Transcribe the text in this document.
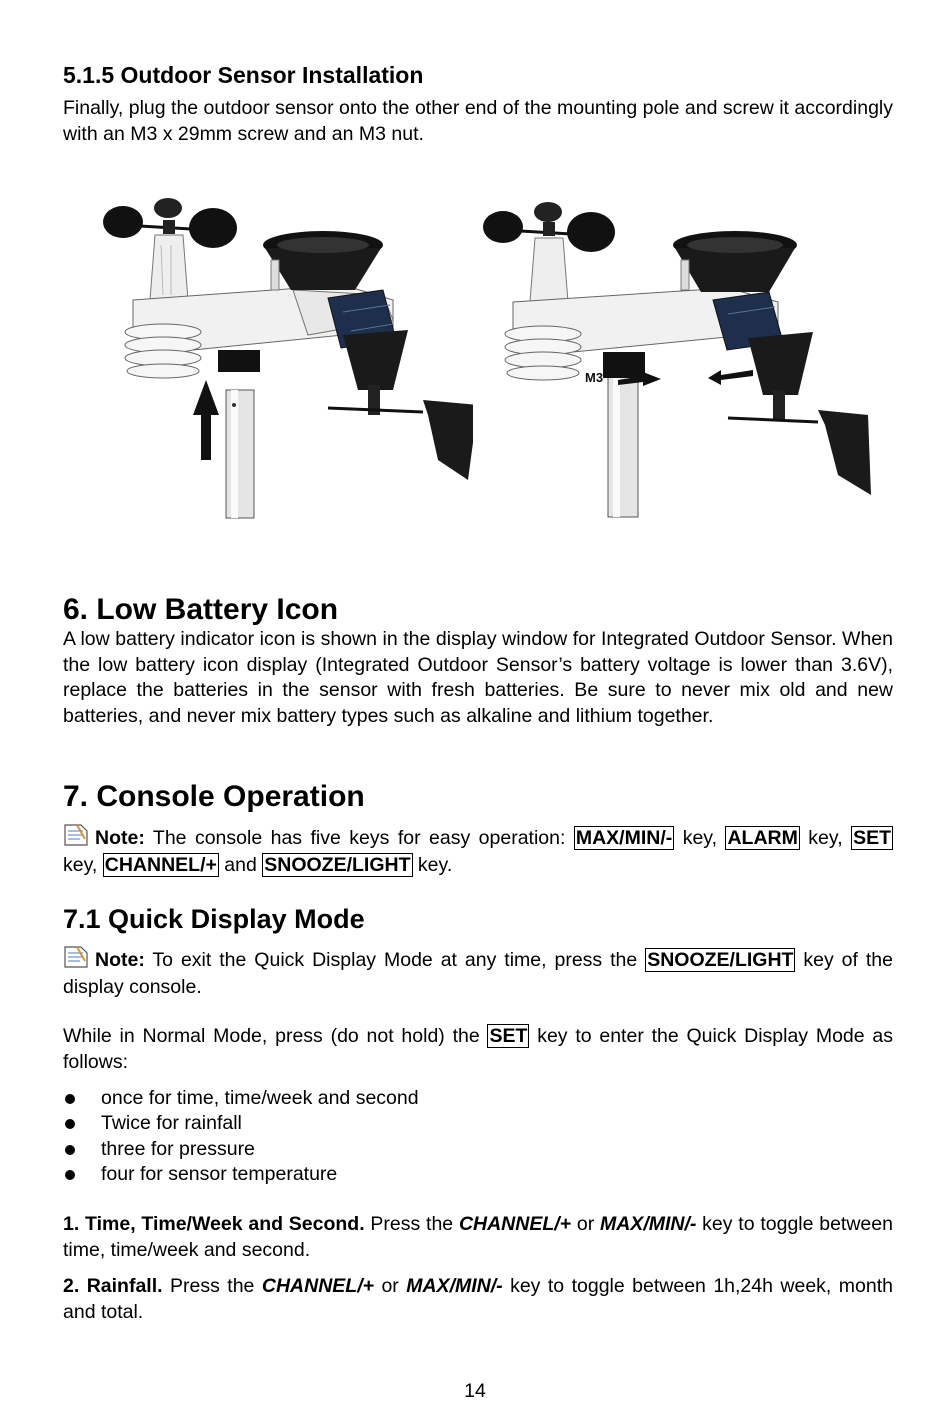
5.1.5 Outdoor Sensor Installation

Finally, plug the outdoor sensor onto the other end of the mounting pole and screw it accordingly with an M3 x 29mm screw and an M3 nut.

M3
6. Low Battery Icon

A low battery indicator icon is shown in the display window for Integrated Outdoor Sensor. When the low battery icon display (Integrated Outdoor Sensor’s battery voltage is lower than 3.6V), replace the batteries in the sensor with fresh batteries. Be sure to never mix old and new batteries, and never mix battery types such as alkaline and lithium together.

7. Console Operation

Note: The console has five keys for easy operation: MAX/MIN/- key, ALARM key, SET key, CHANNEL/+ and SNOOZE/LIGHT key.

7.1 Quick Display Mode

Note: To exit the Quick Display Mode at any time, press the SNOOZE/LIGHT key of the display console.

While in Normal Mode, press (do not hold) the SET key to enter the Quick Display Mode as follows:

once for time, time/week and second
Twice for rainfall
three for pressure
four for sensor temperature

1. Time, Time/Week and Second. Press the CHANNEL/+ or MAX/MIN/- key to toggle between time, time/week and second.

2. Rainfall. Press the CHANNEL/+ or MAX/MIN/- key to toggle between 1h,24h week, month and total.

14
